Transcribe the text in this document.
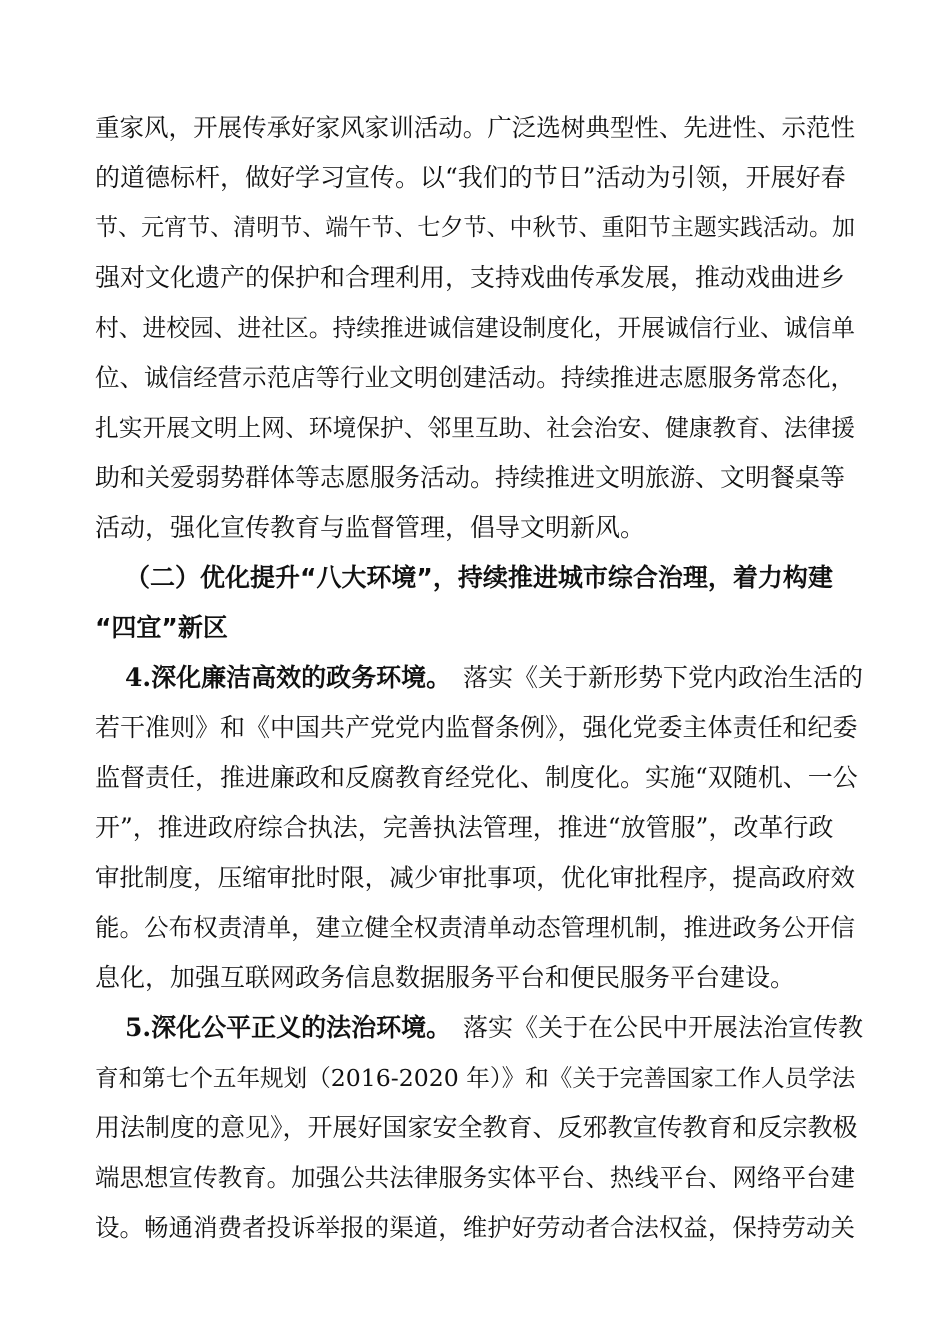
重家风，开展传承好家风家训活动。广泛选树典型性、先进性、示范性
的道德标杆，做好学习宣传。以“我们的节日”活动为引领，开展好春
节、元宵节、清明节、端午节、七夕节、中秋节、重阳节主题实践活动。加
强对文化遗产的保护和合理利用，支持戏曲传承发展，推动戏曲进乡
村、进校园、进社区。持续推进诚信建设制度化，开展诚信行业、诚信单
位、诚信经营示范店等行业文明创建活动。持续推进志愿服务常态化，
扎实开展文明上网、环境保护、邻里互助、社会治安、健康教育、法律援
助和关爱弱势群体等志愿服务活动。持续推进文明旅游、文明餐桌等
活动，强化宣传教育与监督管理，倡导文明新风。
（二）优化提升“八大环境”，持续推进城市综合治理，着力构建
“四宜”新区
4.深化廉洁高效的政务环境。 落实《关于新形势下党内政治生活的
若干准则》和《中国共产党党内监督条例》，强化党委主体责任和纪委
监督责任，推进廉政和反腐教育经党化、制度化。实施“双随机、一公
开”，推进政府综合执法，完善执法管理，推进“放管服”，改革行政
审批制度，压缩审批时限，减少审批事项，优化审批程序，提高政府效
能。公布权责清单，建立健全权责清单动态管理机制，推进政务公开信
息化，加强互联网政务信息数据服务平台和便民服务平台建设。
5.深化公平正义的法治环境。 落实《关于在公民中开展法治宣传教
育和第七个五年规划（2016-2020 年）》和《关于完善国家工作人员学法
用法制度的意见》，开展好国家安全教育、反邪教宣传教育和反宗教极
端思想宣传教育。加强公共法律服务实体平台、热线平台、网络平台建
设。畅通消费者投诉举报的渠道，维护好劳动者合法权益，保持劳动关
